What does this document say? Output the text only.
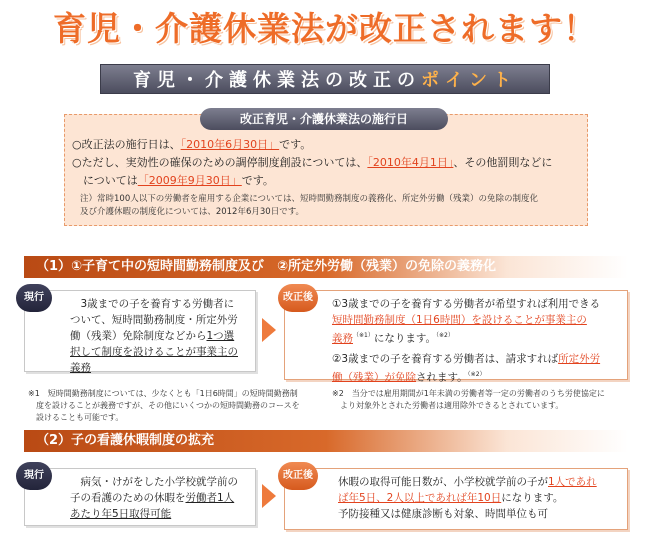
育児・介護休業法が改正されます！
育児・介護休業法の改正のポイント
改正育児・介護休業法の施行日
○改正法の施行日は、「2010年6月30日」です。
○ただし、実効性の確保のための調停制度創設については、「2010年4月1日」、その他罰則などに
　については「2009年9月30日」です。
注）常時100人以下の労働者を雇用する企業については、短時間勤務制度の義務化、所定外労働（残業）の免除の制度化
及び介護休暇の制度化については、2012年6月30日です。
（1）①子育て中の短時間勤務制度及び　②所定外労働（残業）の免除の義務化
現行
　3歳までの子を養育する労働者に
ついて、短時間勤務制度・所定外労
働（残業）免除制度などから1つ選
択して制度を設けることが事業主の
義務
改正後
①3歳までの子を養育する労働者が希望すれば利用できる
短時間勤務制度（1日6時間）を設けることが事業主の
義務$^{(※1)}$になります。$^{(※2)}$
②3歳までの子を養育する労働者は、請求すれば所定外労
働（残業）が免除されます。$^{(※2)}$
※1　短時間勤務制度については、少なくとも「1日6時間」の短時間勤務制
　度を設けることが義務ですが、その他にいくつかの短時間勤務のコースを
　設けることも可能です。
※2　当分では雇用期間が1年未満の労働者等一定の労働者のうち労使協定に
　より対象外とされた労働者は適用除外できるとされています。
（2）子の看護休暇制度の拡充
現行
　病気・けがをした小学校就学前の
子の看護のための休暇を労働者1人
あたり年5日取得可能
改正後
休暇の取得可能日数が、小学校就学前の子が1人であれ
ば年5日、2人以上であれば年10日になります。
予防接種又は健康診断も対象、時間単位も可
